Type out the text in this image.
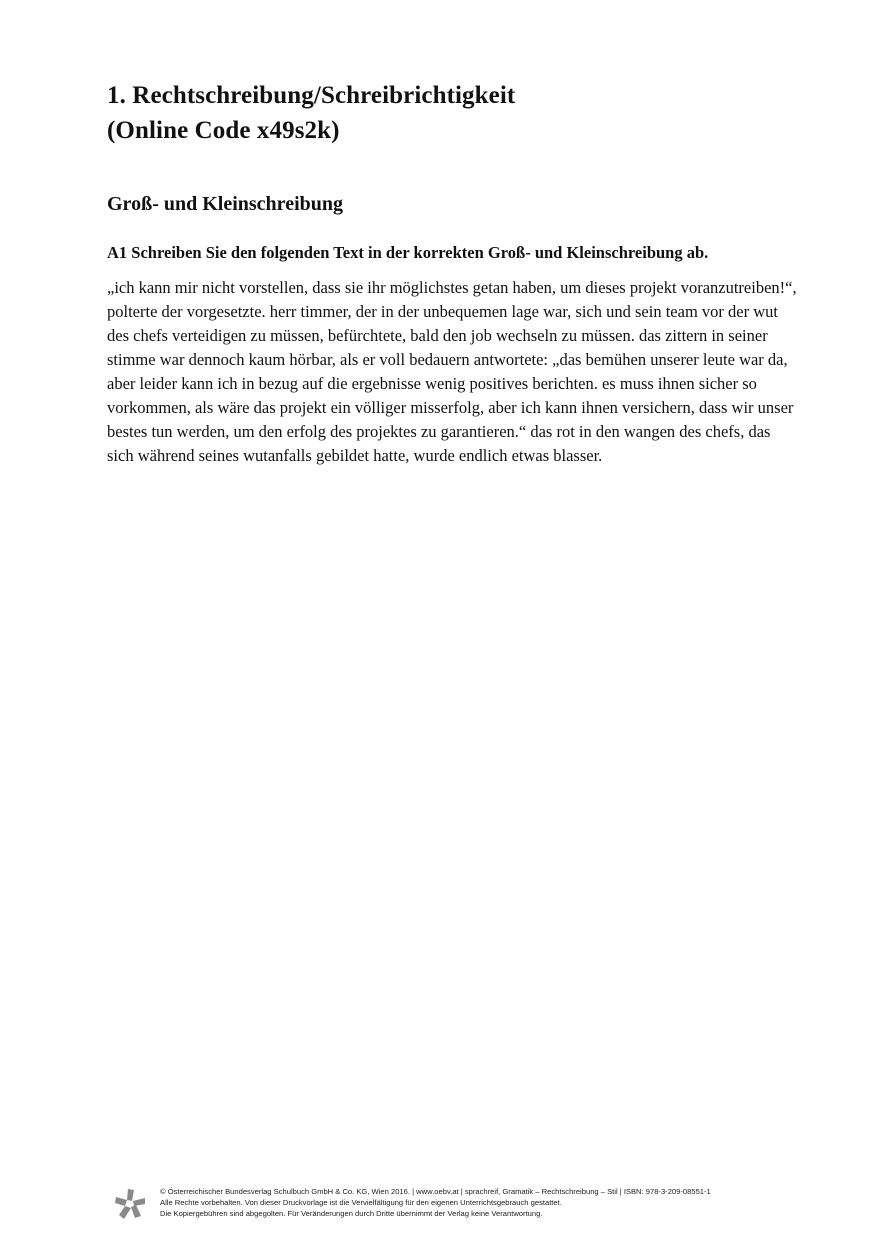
1. Rechtschreibung/Schreibrichtigkeit
(Online Code x49s2k)
Groß- und Kleinschreibung

A1 Schreiben Sie den folgenden Text in der korrekten Groß- und Kleinschreibung ab.

„ich kann mir nicht vorstellen, dass sie ihr möglichstes getan haben, um dieses projekt voranzutreiben!“, polterte der vorgesetzte. herr timmer, der in der unbequemen lage war, sich und sein team vor der wut des chefs verteidigen zu müssen, befürchtete, bald den job wechseln zu müssen. das zittern in seiner stimme war dennoch kaum hörbar, als er voll bedauern antwortete: „das bemühen unserer leute war da, aber leider kann ich in bezug auf die ergebnisse wenig positives berichten. es muss ihnen sicher so vorkommen, als wäre das projekt ein völliger misserfolg, aber ich kann ihnen versichern, dass wir unser bestes tun werden, um den erfolg des projektes zu garantieren.“ das rot in den wangen des chefs, das sich während seines wutanfalls gebildet hatte, wurde endlich etwas blasser.

© Österreichischer Bundesverlag Schulbuch GmbH & Co. KG, Wien 2016. | www.oebv.at | sprachreif, Gramatik – Rechtschreibung – Stil | ISBN: 978-3-209-08551-1
Alle Rechte vorbehalten. Von dieser Druckvorlage ist die Vervielfältigung für den eigenen Unterrichtsgebrauch gestattet.
Die Kopiergebühren sind abgegolten. Für Veränderungen durch Dritte übernimmt der Verlag keine Verantwortung.
